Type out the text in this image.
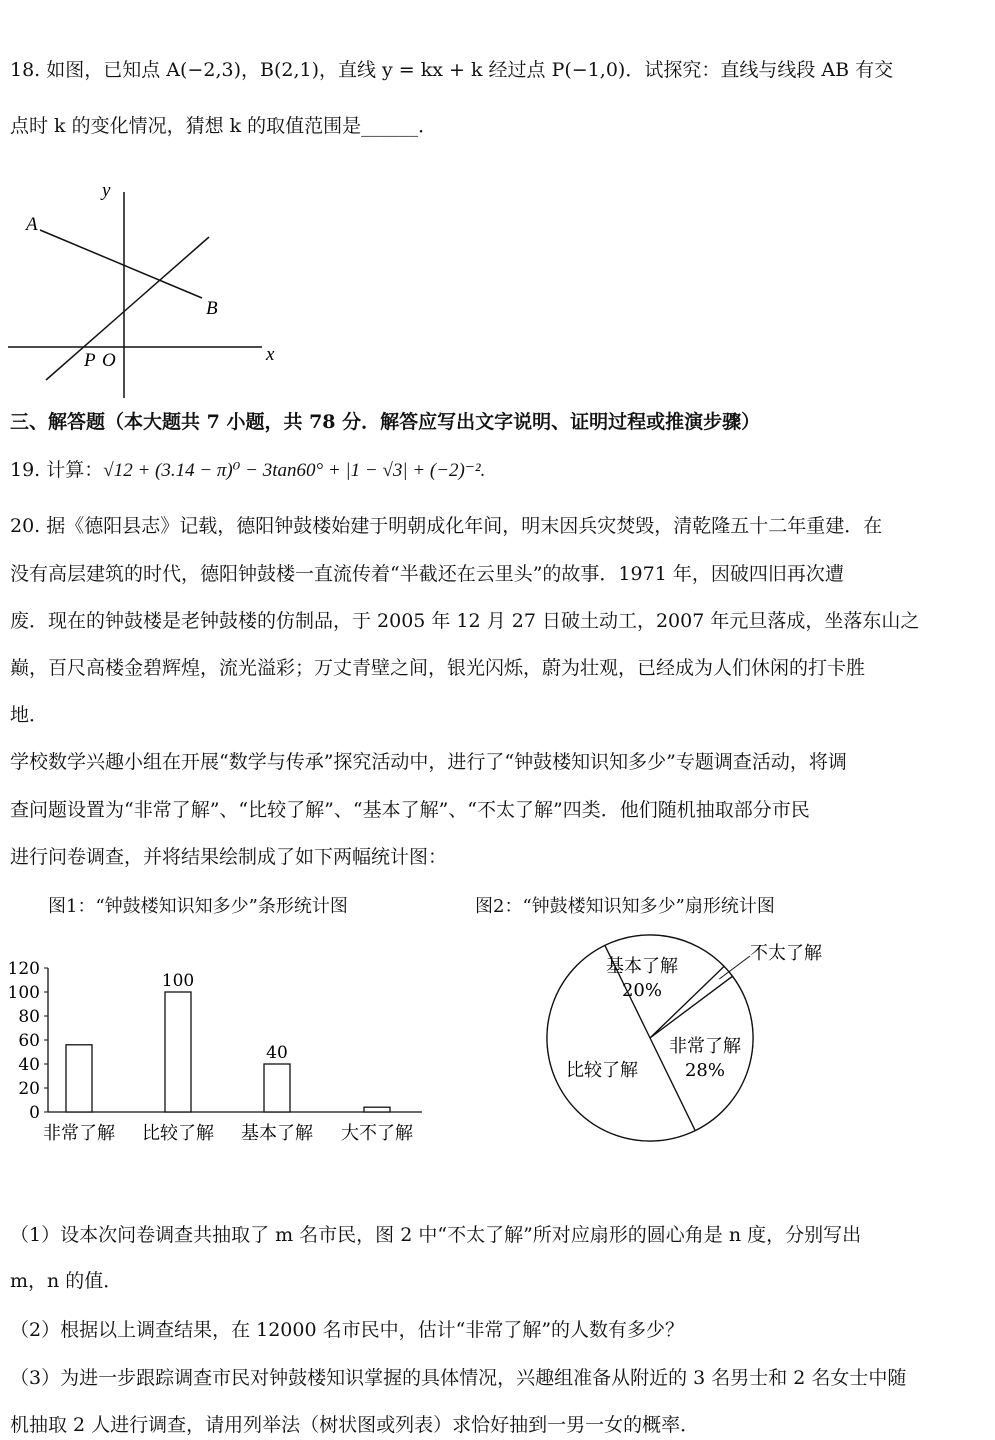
18. 如图，已知点 A(−2,3)，B(2,1)，直线 y = kx + k 经过点 P(−1,0)．试探究：直线与线段 AB 有交
点时 k 的变化情况，猜想 k 的取值范围是______．
y
x
A
B
P O
三、解答题（本大题共 7 小题，共 78 分．解答应写出文字说明、证明过程或推演步骤）
19. 计算：√12 + (3.14 − π)⁰ − 3tan60° + |1 − √3| + (−2)⁻².
20. 据《德阳县志》记载，德阳钟鼓楼始建于明朝成化年间，明末因兵灾焚毁，清乾隆五十二年重建．在
没有高层建筑的时代，德阳钟鼓楼一直流传着“半截还在云里头”的故事．1971 年，因破四旧再次遭
废．现在的钟鼓楼是老钟鼓楼的仿制品，于 2005 年 12 月 27 日破土动工，2007 年元旦落成，坐落东山之
巅，百尺高楼金碧辉煌，流光溢彩；万丈青壁之间，银光闪烁，蔚为壮观，已经成为人们休闲的打卡胜
地．
学校数学兴趣小组在开展“数学与传承”探究活动中，进行了“钟鼓楼知识知多少”专题调查活动，将调
查问题设置为“非常了解”、“比较了解”、“基本了解”、“不太了解”四类．他们随机抽取部分市民
进行问卷调查，并将结果绘制成了如下两幅统计图：
图1：“钟鼓楼知识知多少”条形统计图	图2：“钟鼓楼知识知多少”扇形统计图
0
20
40
60
80
100
120
非常了解
100
比较了解
40
基本了解 大不了解
基本了解
20%
不太了解
非常了解
28%
比较了解
（1）设本次问卷调查共抽取了 m 名市民，图 2 中“不太了解”所对应扇形的圆心角是 n 度，分别写出
m，n 的值．
（2）根据以上调查结果，在 12000 名市民中，估计“非常了解”的人数有多少？
（3）为进一步跟踪调查市民对钟鼓楼知识掌握的具体情况，兴趣组准备从附近的 3 名男士和 2 名女士中随
机抽取 2 人进行调查，请用列举法（树状图或列表）求恰好抽到一男一女的概率．
